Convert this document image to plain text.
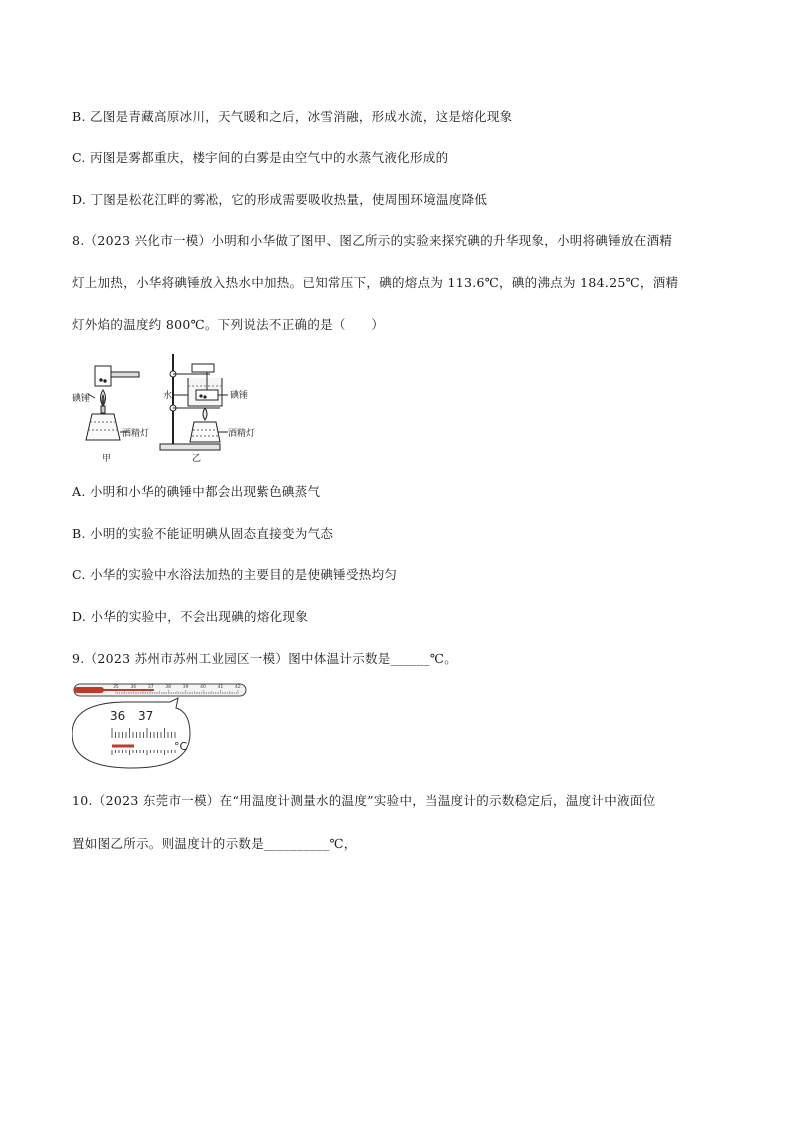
B. 乙图是青藏高原冰川，天气暖和之后，冰雪消融，形成水流，这是熔化现象
C. 丙图是雾都重庆，楼宇间的白雾是由空气中的水蒸气液化形成的
D. 丁图是松花江畔的雾凇，它的形成需要吸收热量，使周围环境温度降低
8.（2023 兴化市一模）小明和小华做了图甲、图乙所示的实验来探究碘的升华现象，小明将碘锤放在酒精
灯上加热，小华将碘锤放入热水中加热。已知常压下，碘的熔点为 113.6℃，碘的沸点为 184.25℃，酒精
灯外焰的温度约 800℃。下列说法不正确的是（　　）
碘锤
酒精灯
甲
水	碘锤
酒精灯
乙
A. 小明和小华的碘锤中都会出现紫色碘蒸气
B. 小明的实验不能证明碘从固态直接变为气态
C. 小华的实验中水浴法加热的主要目的是使碘锤受热均匀
D. 小华的实验中，不会出现碘的熔化现象
9.（2023 苏州市苏州工业园区一模）图中体温计示数是______℃。
35	36	37	38	39	40	41	42
36 37
°C
10.（2023 东莞市一模）在“用温度计测量水的温度”实验中，当温度计的示数稳定后，温度计中液面位
置如图乙所示。则温度计的示数是__________℃，
